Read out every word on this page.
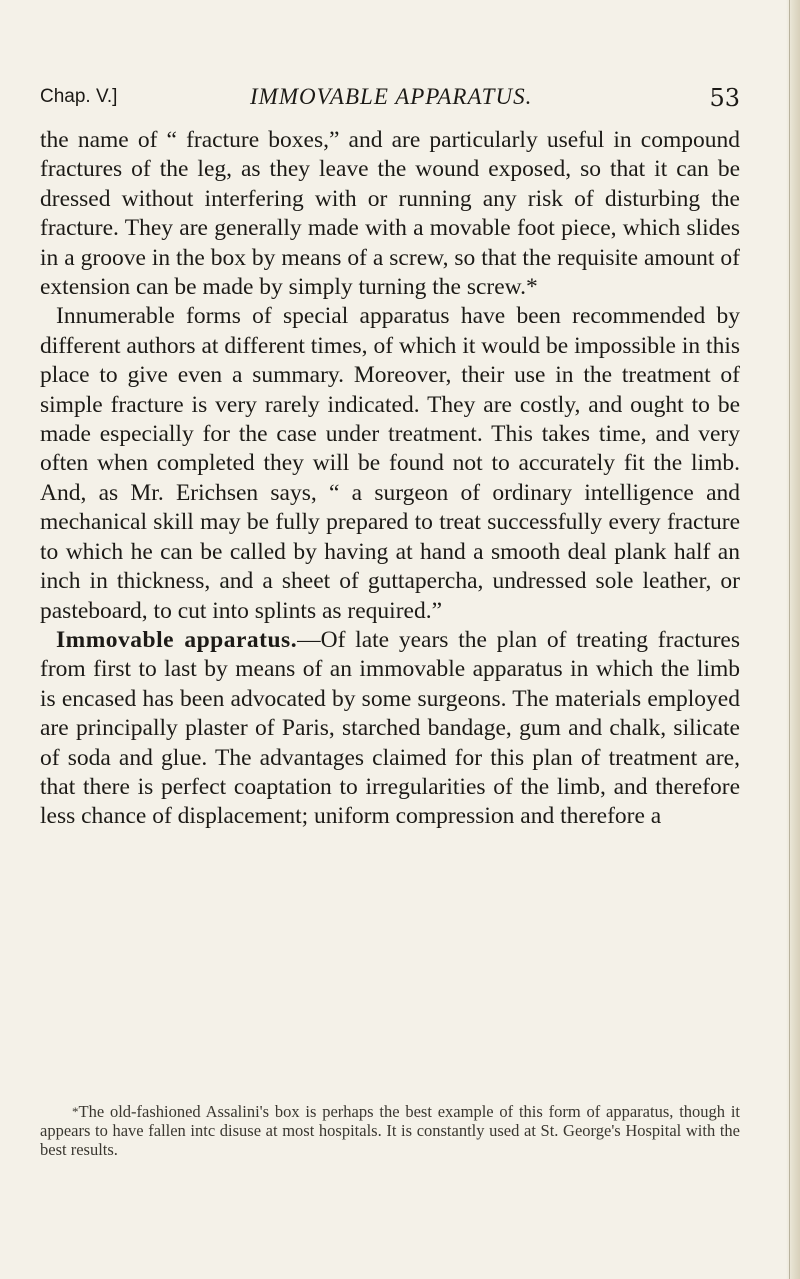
Chap. V.]	IMMOVABLE APPARATUS.	53

the name of “ fracture boxes,” and are particularly useful in compound fractures of the leg, as they leave the wound exposed, so that it can be dressed without interfering with or running any risk of disturbing the fracture. They are generally made with a movable foot piece, which slides in a groove in the box by means of a screw, so that the requisite amount of extension can be made by simply turning the screw.*

Innumerable forms of special apparatus have been recommended by different authors at different times, of which it would be impossible in this place to give even a summary. Moreover, their use in the treatment of simple fracture is very rarely indicated. They are costly, and ought to be made especially for the case under treatment. This takes time, and very often when completed they will be found not to accurately fit the limb. And, as Mr. Erichsen says, “ a surgeon of ordinary intelligence and mechanical skill may be fully prepared to treat successfully every fracture to which he can be called by having at hand a smooth deal plank half an inch in thickness, and a sheet of guttapercha, undressed sole leather, or pasteboard, to cut into splints as required.”

Immovable apparatus.—Of late years the plan of treating fractures from first to last by means of an immovable apparatus in which the limb is encased has been advocated by some surgeons. The materials employed are principally plaster of Paris, starched bandage, gum and chalk, silicate of soda and glue. The advantages claimed for this plan of treatment are, that there is perfect coaptation to irregularities of the limb, and therefore less chance of displacement; uniform compression and therefore a

*The old-fashioned Assalini's box is perhaps the best example of this form of apparatus, though it appears to have fallen intc disuse at most hospitals. It is constantly used at St. George's Hospital with the best results.
